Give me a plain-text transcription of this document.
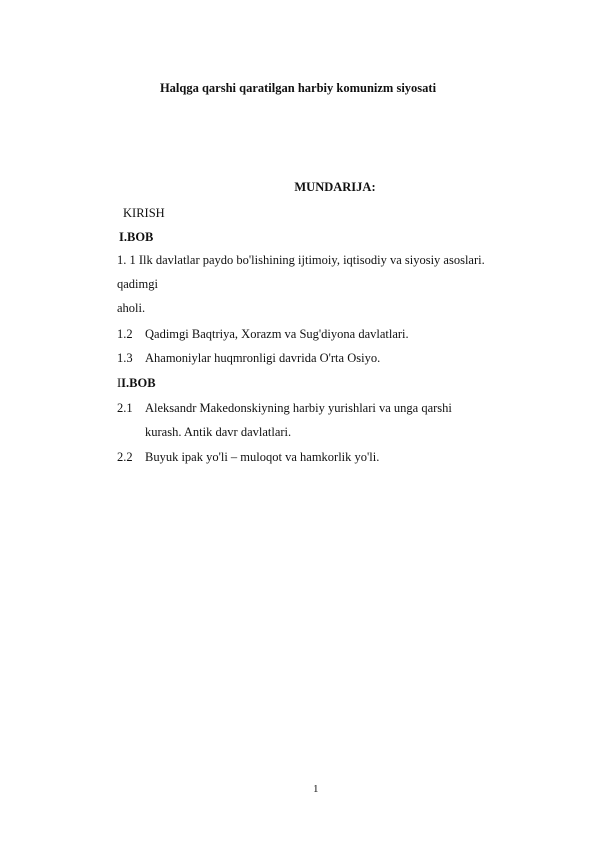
Halqga qarshi qaratilgan harbiy komunizm siyosati
MUNDARIJA:
KIRISH
I.BOB
1. 1 Ilk davlatlar paydo bo'lishining ijtimoiy, iqtisodiy va siyosiy asoslari.
qadimgi
aholi.
1.2 Qadimgi Baqtriya, Xorazm va Sug'diyona davlatlari.
1.3 Ahamoniylar huqmronligi davrida O'rta Osiyo.
II.BOB
2.1 Aleksandr Makedonskiyning harbiy yurishlari va unga qarshi
kurash. Antik davr davlatlari.
2.2 Buyuk ipak yo'li – muloqot va hamkorlik yo'li.
1
